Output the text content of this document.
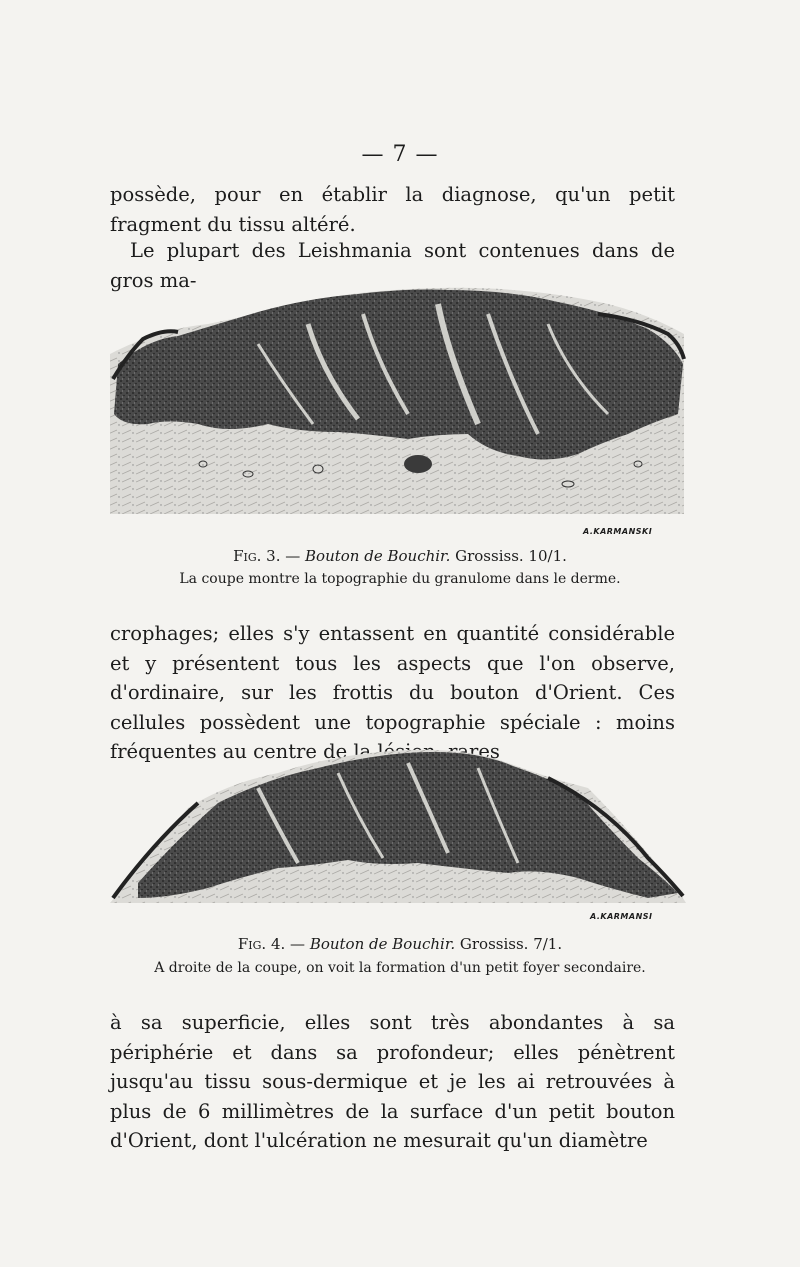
— 7 —

possède, pour en établir la diagnose, qu'un petit fragment du tissu altéré.

Le plupart des Leishmania sont contenues dans de gros ma-

A.KARMANSKI

Fig. 3. — Bouton de Bouchir. Grossiss. 10/1.

La coupe montre la topographie du granulome dans le derme.

crophages; elles s'y entassent en quantité considérable et y présentent tous les aspects que l'on observe, d'ordinaire, sur les frottis du bouton d'Orient. Ces cellules possèdent une topographie spéciale : moins fréquentes au centre de la lésion, rares

A.KARMANSI

Fig. 4. — Bouton de Bouchir. Grossiss. 7/1.

A droite de la coupe, on voit la formation d'un petit foyer secondaire.

à sa superficie, elles sont très abondantes à sa périphérie et dans sa profondeur; elles pénètrent jusqu'au tissu sous-dermique et je les ai retrouvées à plus de 6 millimètres de la surface d'un petit bouton d'Orient, dont l'ulcération ne mesurait qu'un diamètre
